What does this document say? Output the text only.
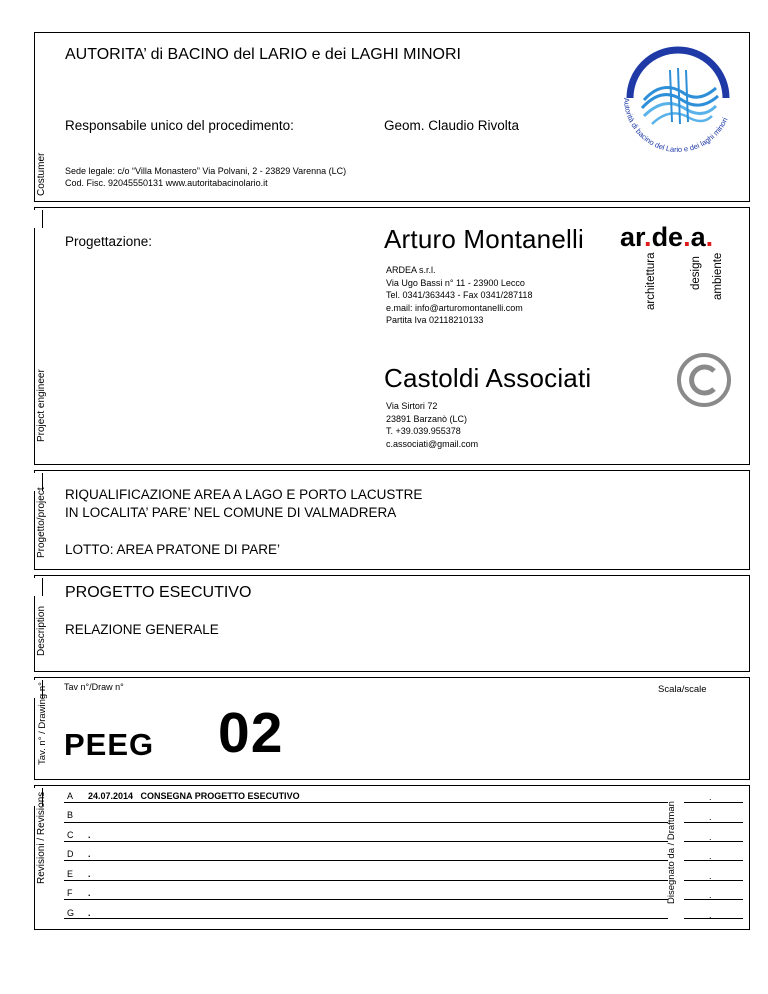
Costumer
AUTORITA’ di BACINO del LARIO e dei LAGHI MINORI
Responsabile unico del procedimento:	Geom. Claudio Rivolta
Sede legale: c/o “Villa Monastero” Via Polvani, 2 - 23829 Varenna (LC)
Cod. Fisc. 92045550131 www.autoritabacinolario.it
Autorità di bacino del Lario e dei laghi minori
Project engineer
Progettazione:	Arturo Montanelli ar.de.a.
architettura	design ambiente
ARDEA s.r.l.
Via Ugo Bassi n° 11 - 23900 Lecco
Tel. 0341/363443 - Fax 0341/287118
e.mail: info@arturomontanelli.com
Partita Iva 02118210133
Castoldi Associati
Via Sirtori 72
23891 Barzanò (LC)
T. +39.039.955378
c.associati@gmail.com
Progetto/project RIQUALIFICAZIONE AREA A LAGO E PORTO LACUSTRE
IN LOCALITA’ PARE’ NEL COMUNE DI VALMADRERA
LOTTO: AREA PRATONE DI PARE’
Description
PROGETTO ESECUTIVO
RELAZIONE GENERALE
Tav. n° / Drawing n° Tav n°/Draw n°	Scala/scale
PEEG 02
Revisioni / Revisions	Disegnato da / Draftman
A 24.07.2014   CONSEGNA PROGETTO ESECUTIVO	.
B	.
C .	.
D .	.
E .	.
F .	.
G .	.
